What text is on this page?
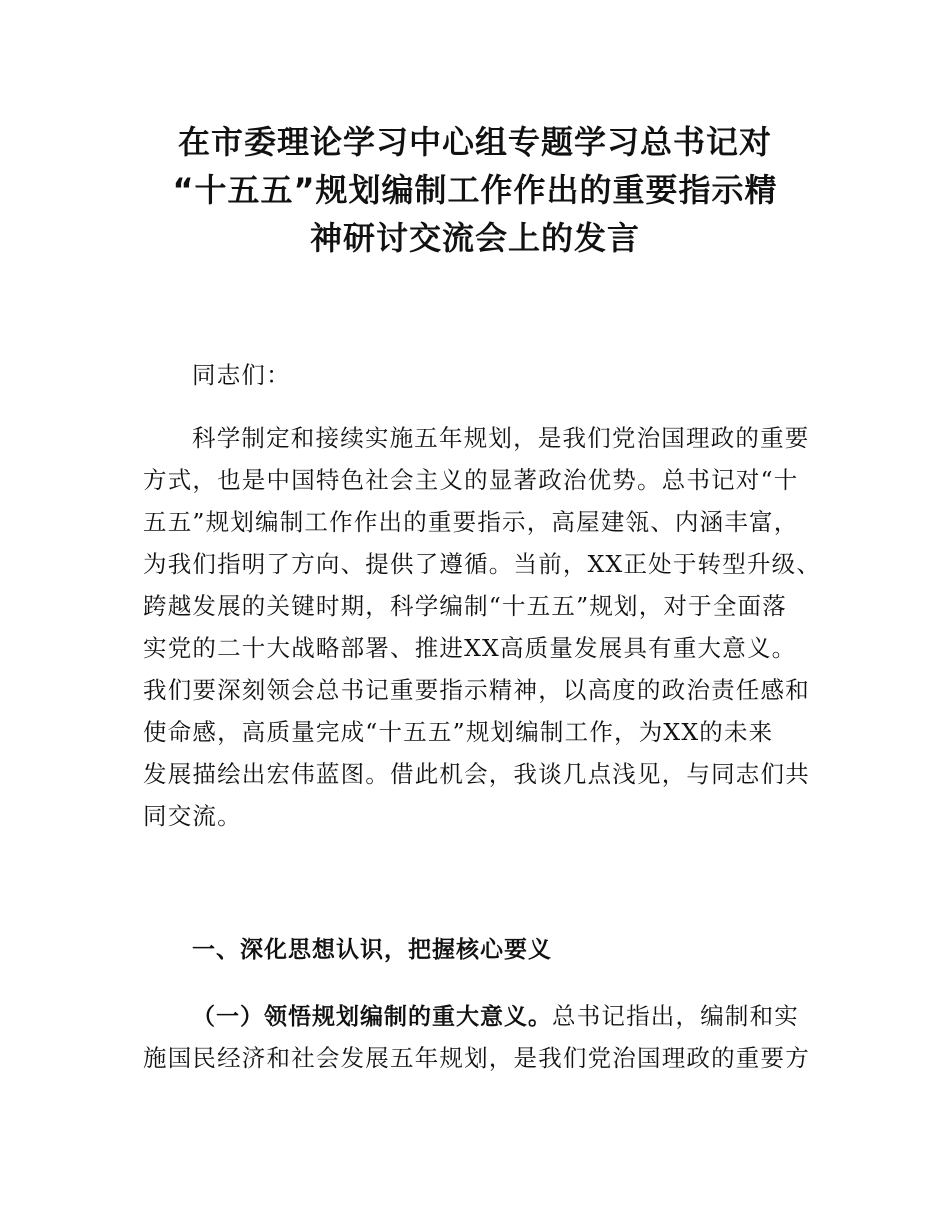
在市委理论学习中心组专题学习总书记对
“十五五”规划编制工作作出的重要指示精
神研讨交流会上的发言
同志们：
科学制定和接续实施五年规划，是我们党治国理政的重要
方式，也是中国特色社会主义的显著政治优势。总书记对“十
五五”规划编制工作作出的重要指示，高屋建瓴、内涵丰富，
为我们指明了方向、提供了遵循。当前，XX正处于转型升级、
跨越发展的关键时期，科学编制“十五五”规划，对于全面落
实党的二十大战略部署、推进XX高质量发展具有重大意义。
我们要深刻领会总书记重要指示精神，以高度的政治责任感和
使命感，高质量完成“十五五”规划编制工作，为XX的未来
发展描绘出宏伟蓝图。借此机会，我谈几点浅见，与同志们共
同交流。
一、深化思想认识，把握核心要义
（一）领悟规划编制的重大意义。总书记指出，编制和实
施国民经济和社会发展五年规划，是我们党治国理政的重要方
